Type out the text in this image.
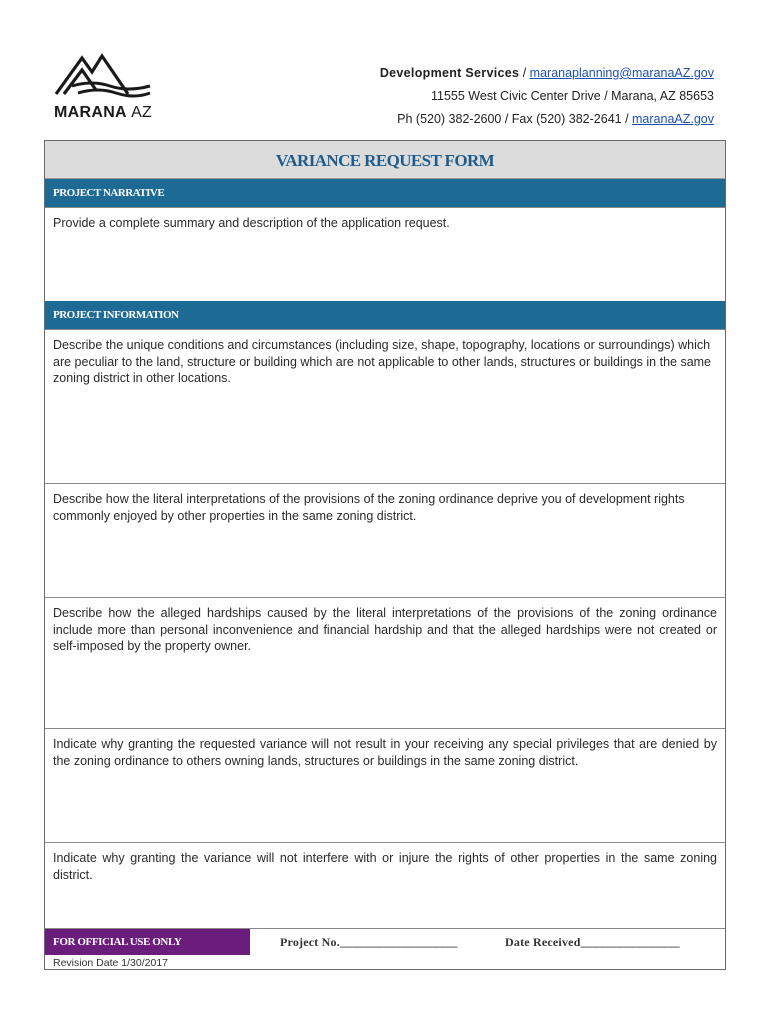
MARANA AZ
Development Services / maranaplanning@maranaAZ.gov
11555 West Civic Center Drive / Marana, AZ 85653
Ph (520) 382-2600 / Fax (520) 382-2641 / maranaAZ.gov
VARIANCE REQUEST FORM
PROJECT NARRATIVE
Provide a complete summary and description of the application request.
PROJECT INFORMATION
Describe the unique conditions and circumstances (including size, shape, topography, locations or surroundings) which are peculiar to the land, structure or building which are not applicable to other lands, structures or buildings in the same zoning district in other locations.
Describe how the literal interpretations of the provisions of the zoning ordinance deprive you of development rights commonly enjoyed by other properties in the same zoning district.
Describe how the alleged hardships caused by the literal interpretations of the provisions of the zoning ordinance include more than personal inconvenience and financial hardship and that the alleged hardships were not created or self-imposed by the property owner.
Indicate why granting the requested variance will not result in your receiving any special privileges that are denied by the zoning ordinance to others owning lands, structures or buildings in the same zoning district.
Indicate why granting the variance will not interfere with or injure the rights of other properties in the same zoning district.
FOR OFFICIAL USE ONLY	Project No.___________________	Date Received________________
Revision Date 1/30/2017
